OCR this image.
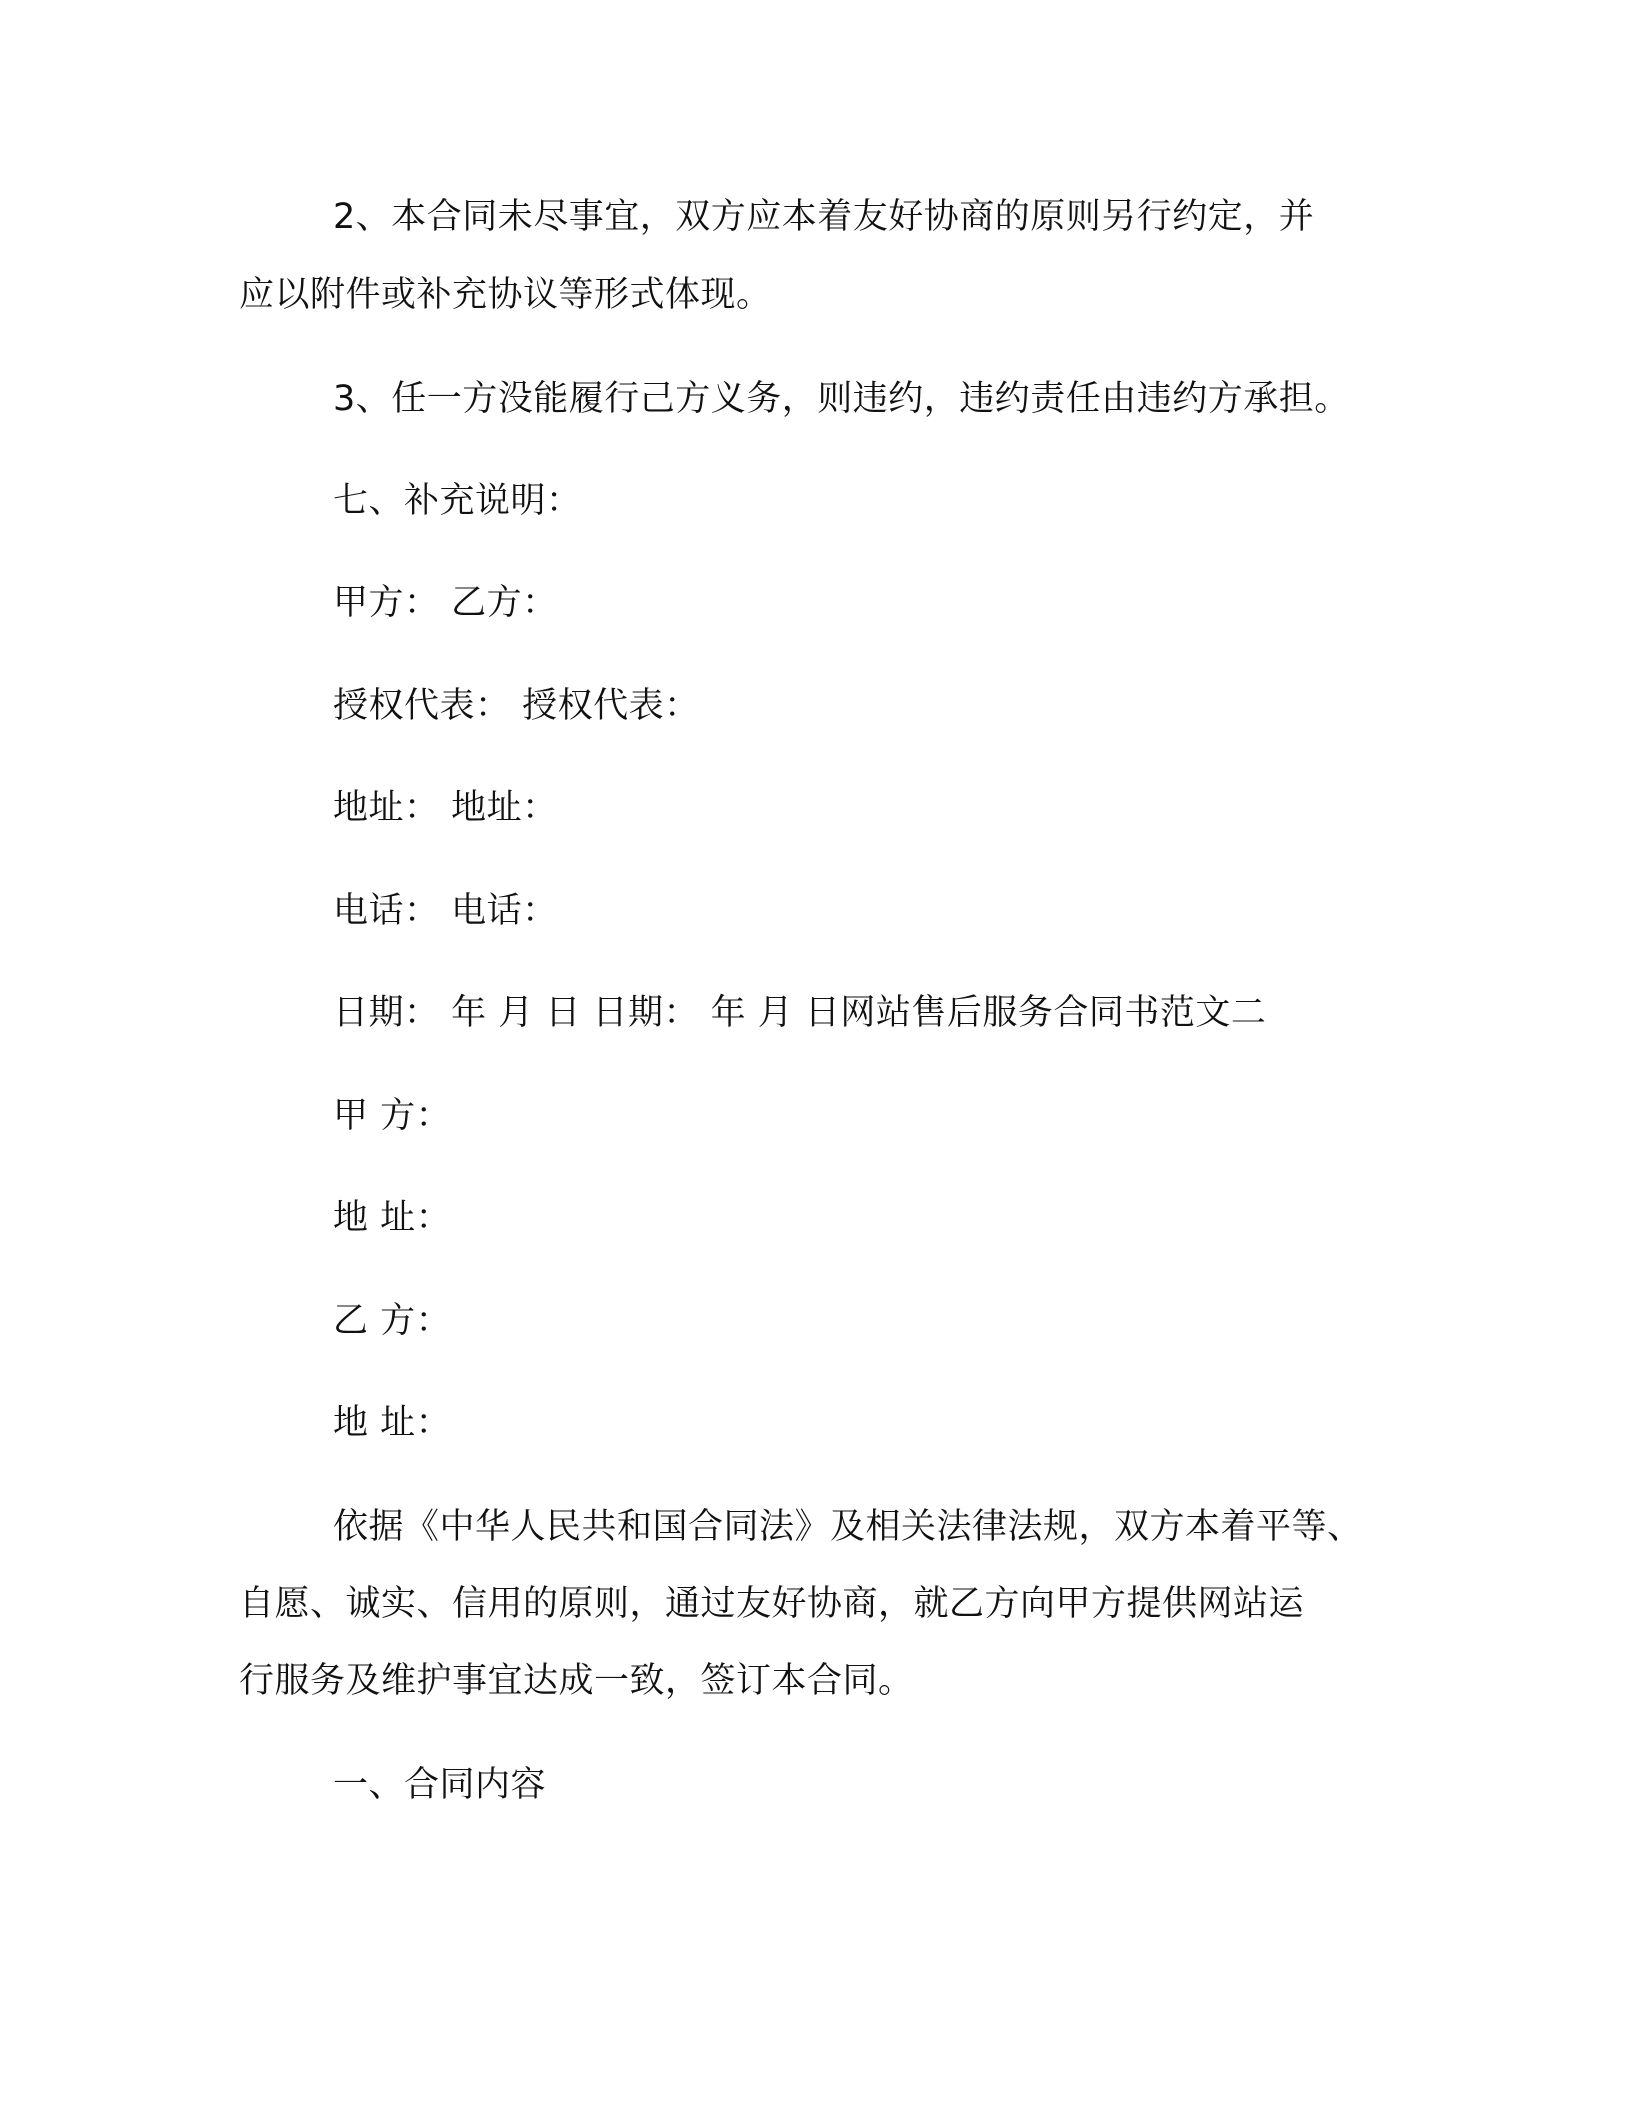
2、本合同未尽事宜，双方应本着友好协商的原则另行约定，并
应以附件或补充协议等形式体现。
3、任一方没能履行己方义务，则违约，违约责任由违约方承担。
七、补充说明：
甲方： 乙方：
授权代表： 授权代表：
地址： 地址：
电话： 电话：
日期： 年 月 日 日期： 年 月 日网站售后服务合同书范文二
甲 方：
地 址：
乙 方：
地 址：
依据《中华人民共和国合同法》及相关法律法规，双方本着平等、
自愿、诚实、信用的原则，通过友好协商，就乙方向甲方提供网站运
行服务及维护事宜达成一致，签订本合同。
一、合同内容
